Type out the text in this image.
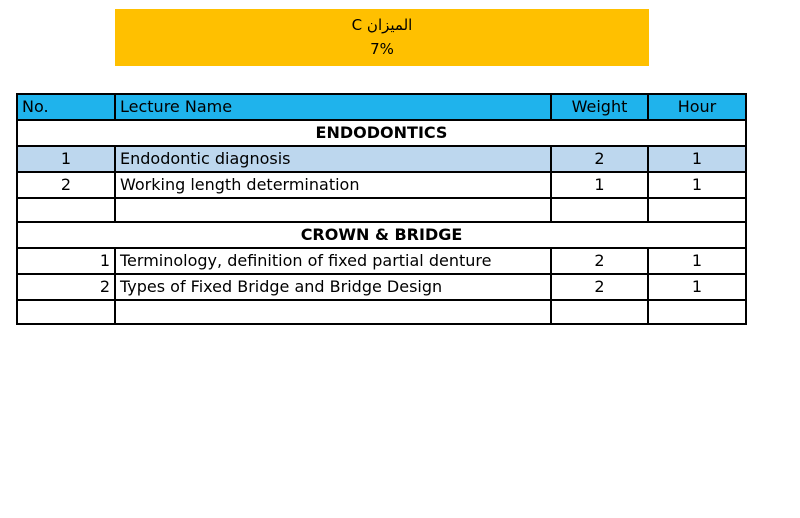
الميزان C
7%
No.	Lecture Name	Weight	Hour
ENDODONTICS			
1	Endodontic diagnosis	2	1
2	Working length determination	1	1

CROWN & BRIDGE			
1	Terminology, definition of fixed partial denture	2	1
2	Types of Fixed Bridge and Bridge Design	2	1
